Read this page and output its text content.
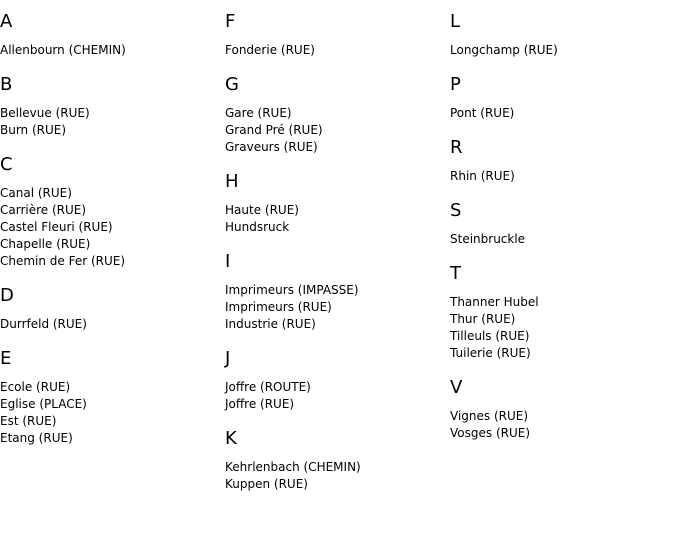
A
Allenbourn (CHEMIN)
B
Bellevue (RUE)
Burn (RUE)
C
Canal (RUE)
Carrière (RUE)
Castel Fleuri (RUE)
Chapelle (RUE)
Chemin de Fer (RUE)
D
Durrfeld (RUE)
E
Ecole (RUE)
Eglise (PLACE)
Est (RUE)
Etang (RUE)
F
Fonderie (RUE)
G
Gare (RUE)
Grand Pré (RUE)
Graveurs (RUE)
H
Haute (RUE)
Hundsruck
I
Imprimeurs (IMPASSE)
Imprimeurs (RUE)
Industrie (RUE)
J
Joffre (ROUTE)
Joffre (RUE)
K
Kehrlenbach (CHEMIN)
Kuppen (RUE)
L
Longchamp (RUE)
P
Pont (RUE)
R
Rhin (RUE)
S
Steinbruckle
T
Thanner Hubel
Thur (RUE)
Tilleuls (RUE)
Tuilerie (RUE)
V
Vignes (RUE)
Vosges (RUE)
